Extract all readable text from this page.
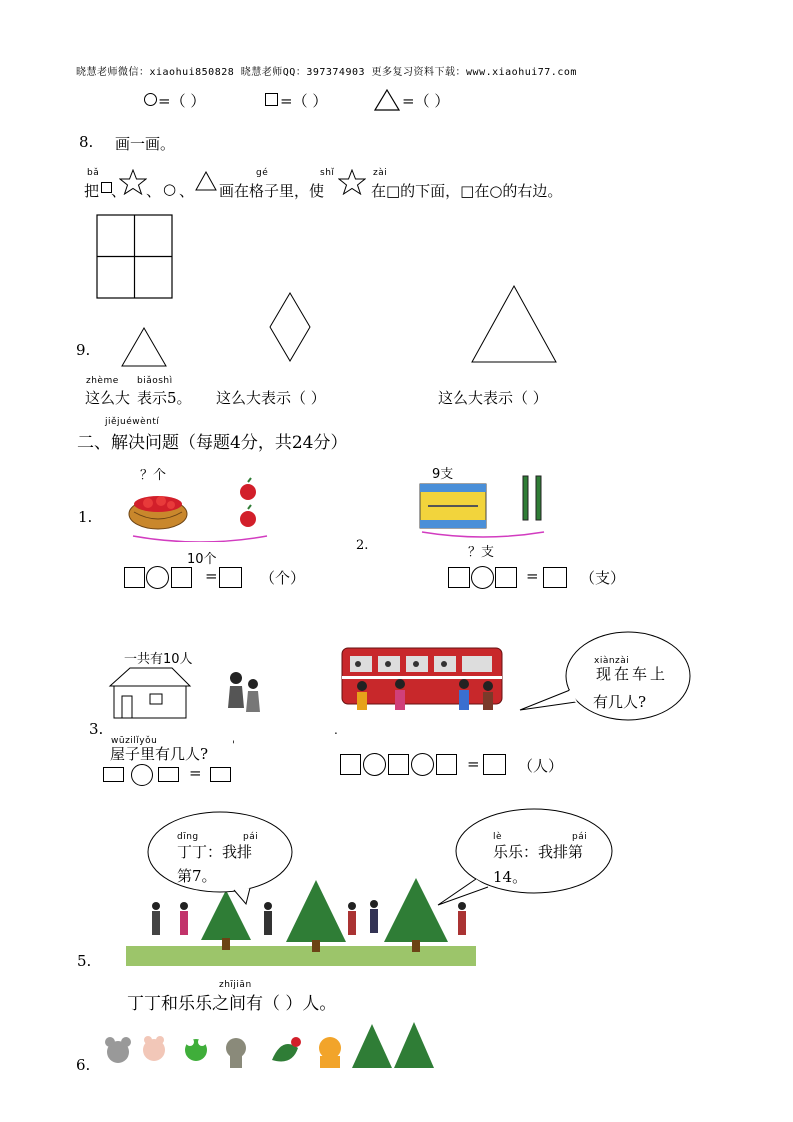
晓慧老师微信：xiaohui850828 晓慧老师QQ：397374903 更多复习资料下载：www.xiaohui77.com
=（ ）	=（ ）	=（ ）
8. 画一画。
bǎ	gé	shǐ	zài
把 、 、 ○ 、 画在格子里，使	在□的下面，□在○的右边。
9.
zhème biǎoshì
这么大 表示5。 这么大表示（ ）	这么大表示（ ）
jiějuéwèntí
二、解决问题（每题4分，共24分）
1.
？个
10个
=	（个）
2.
9支
？支
=	（支）
一共有10人
3.
wūzilǐyǒu
屋子里有几人? '
=
.
xiànzài
现在车上
有几人?
=	（人）
dīng	pái
丁丁：我排
第7。
lè	pái
乐乐：我排第
14。
5.
zhījiān
丁丁和乐乐之间有（ ）人。
6.
